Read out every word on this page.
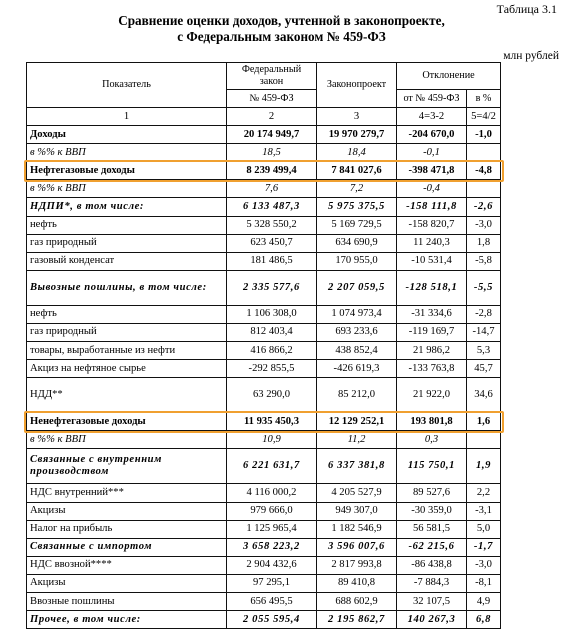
Таблица 3.1
Сравнение оценки доходов, учтенной в законопроекте,
с Федеральным законом № 459-ФЗ
млн рублей
Показатель	Федеральный закон	Законопроект	Отклонение	
	№ 459-ФЗ		от № 459-ФЗ	в %
1	2	3	4=3-2	5=4/2
Доходы	20 174 949,7	19 970 279,7	-204 670,0	-1,0
в %% к ВВП	18,5	18,4	-0,1	
Нефтегазовые доходы	8 239 499,4	7 841 027,6	-398 471,8	-4,8
в %% к ВВП	7,6	7,2	-0,4	
НДПИ*, в том числе:	6 133 487,3	5 975 375,5	-158 111,8	-2,6
нефть	5 328 550,2	5 169 729,5	-158 820,7	-3,0
газ природный	623 450,7	634 690,9	11 240,3	1,8
газовый конденсат	181 486,5	170 955,0	-10 531,4	-5,8
Вывозные пошлины, в том числе:	2 335 577,6	2 207 059,5	-128 518,1	-5,5
нефть	1 106 308,0	1 074 973,4	-31 334,6	-2,8
газ природный	812 403,4	693 233,6	-119 169,7	-14,7
товары, выработанные из нефти	416 866,2	438 852,4	21 986,2	5,3
Акциз на нефтяное сырье	-292 855,5	-426 619,3	-133 763,8	45,7
НДД**	63 290,0	85 212,0	21 922,0	34,6
Ненефтегазовые доходы	11 935 450,3	12 129 252,1	193 801,8	1,6
в %% к ВВП	10,9	11,2	0,3	
Связанные с внутренним производством	6 221 631,7	6 337 381,8	115 750,1	1,9
НДС внутренний***	4 116 000,2	4 205 527,9	89 527,6	2,2
Акцизы	979 666,0	949 307,0	-30 359,0	-3,1
Налог на прибыль	1 125 965,4	1 182 546,9	56 581,5	5,0
Связанные с импортом	3 658 223,2	3 596 007,6	-62 215,6	-1,7
НДС ввозной****	2 904 432,6	2 817 993,8	-86 438,8	-3,0
Акцизы	97 295,1	89 410,8	-7 884,3	-8,1
Ввозные пошлины	656 495,5	688 602,9	32 107,5	4,9
Прочее, в том числе:	2 055 595,4	2 195 862,7	140 267,3	6,8
